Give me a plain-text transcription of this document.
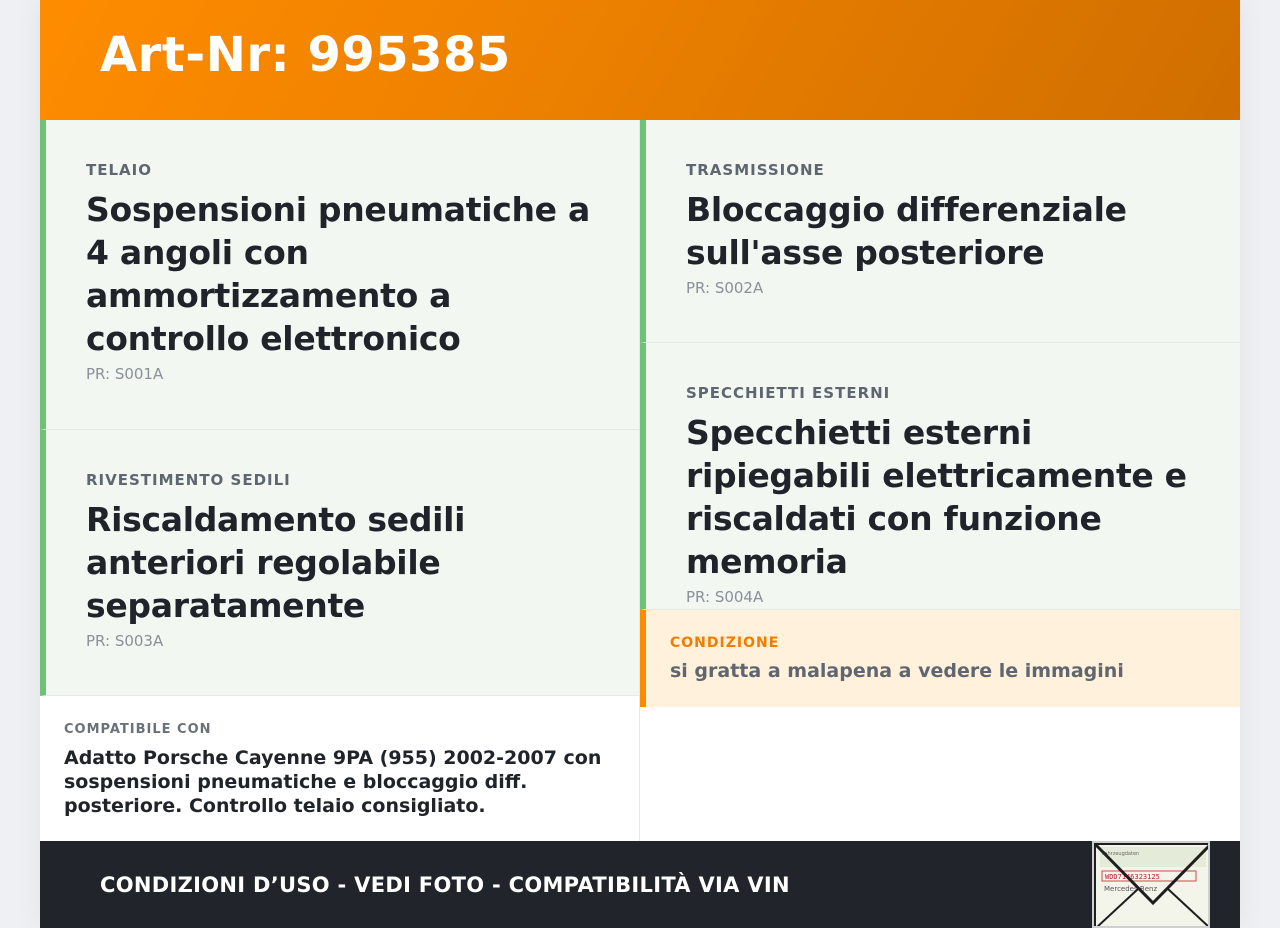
Art-Nr: 995385
TELAIO
Sospensioni pneumatiche a 4 angoli con ammortizzamento a controllo elettronico
PR: S001A
RIVESTIMENTO SEDILI
Riscaldamento sedili anteriori regolabile separatamente
PR: S003A
COMPATIBILE CON
Adatto Porsche Cayenne 9PA (955) 2002-2007 con sospensioni pneumatiche e bloccaggio diff. posteriore. Controllo telaio consigliato.
TRASMISSIONE
Bloccaggio differenziale sull'asse posteriore
PR: S002A
SPECCHIETTI ESTERNI
Specchietti esterni ripiegabili elettricamente e riscaldati con funzione memoria
PR: S004A
CONDIZIONE
si gratta a malapena a vedere le immagini
CONDIZIONI D’USO - VEDI FOTO - COMPATIBILITÀ VIA VIN
Fahrzeugdaten
WDD7146323125
Mercedes-Benz
